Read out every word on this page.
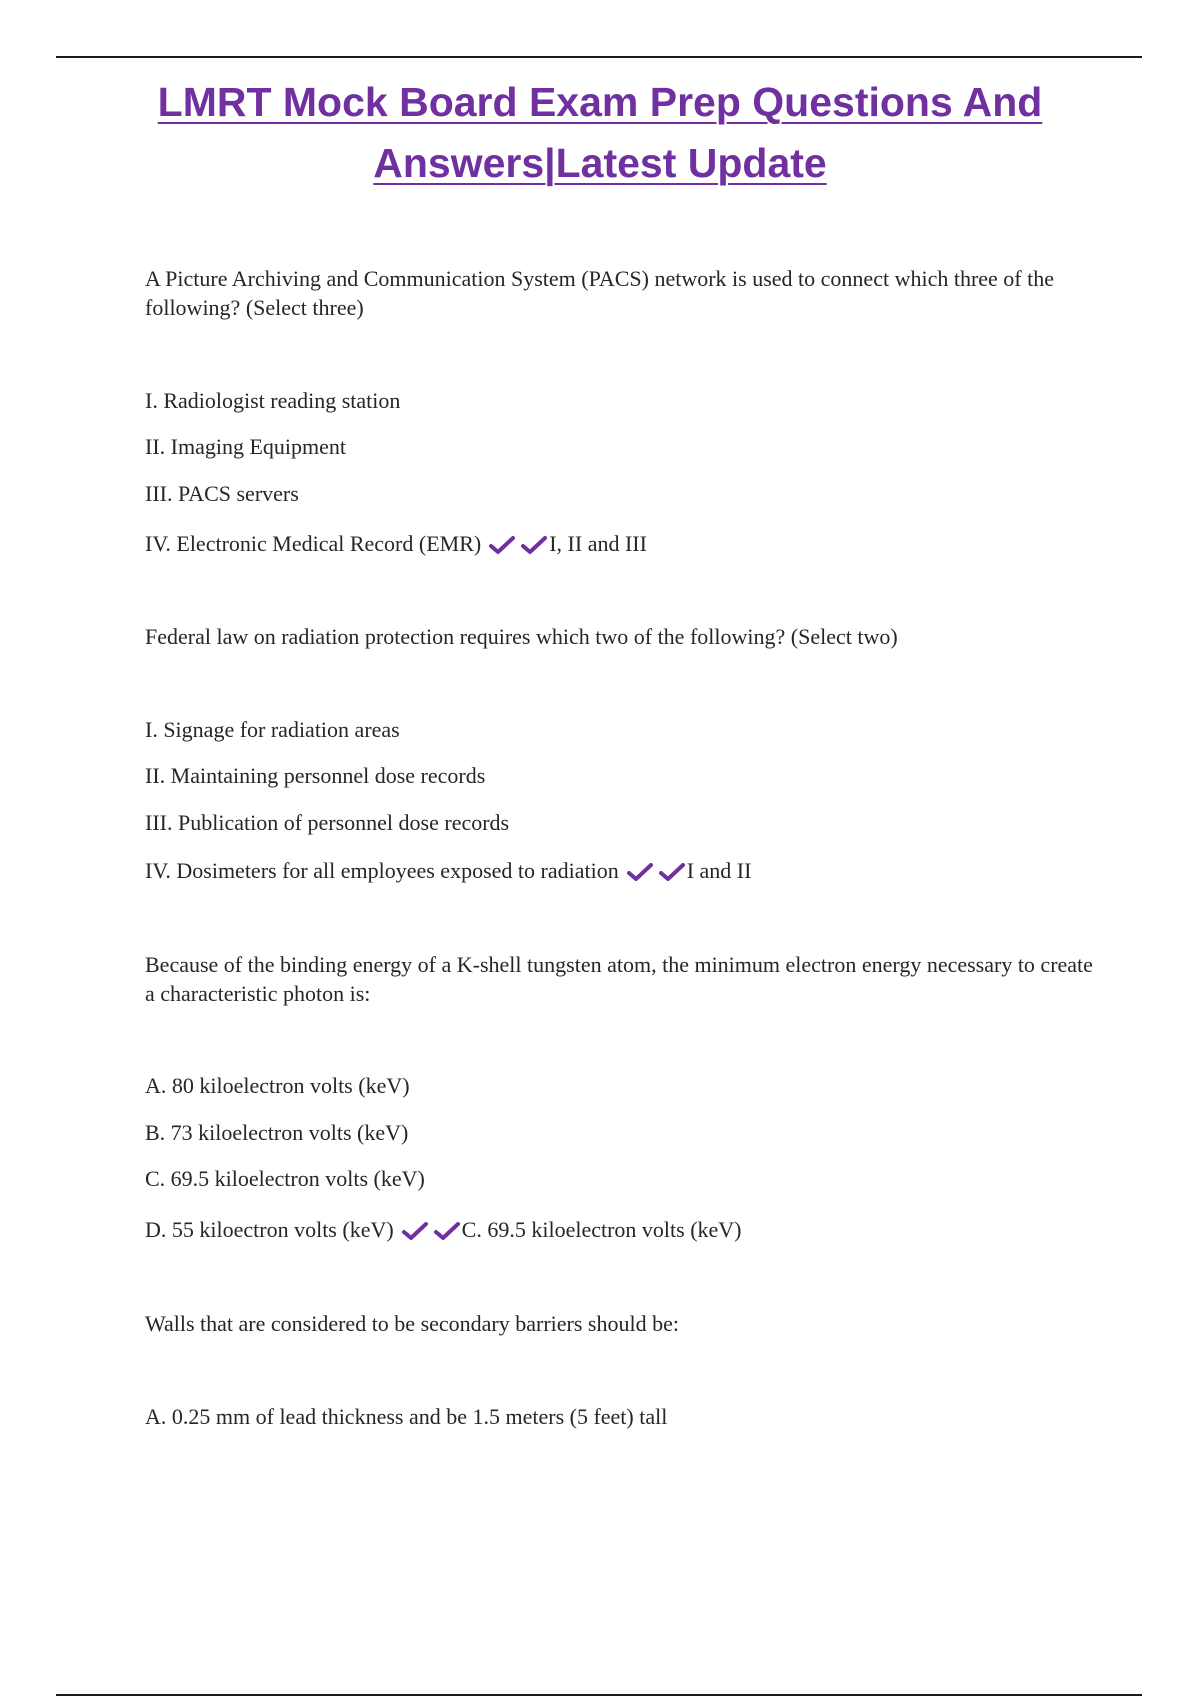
LMRT Mock Board Exam Prep Questions And
Answers|Latest Update
A Picture Archiving and Communication System (PACS) network is used to connect which three of the following? (Select three)
I. Radiologist reading station
II. Imaging Equipment
III. PACS servers
IV. Electronic Medical Record (EMR)	I, II and III
Federal law on radiation protection requires which two of the following? (Select two)
I. Signage for radiation areas
II. Maintaining personnel dose records
III. Publication of personnel dose records
IV. Dosimeters for all employees exposed to radiation	I and II
Because of the binding energy of a K-shell tungsten atom, the minimum electron energy necessary to create a characteristic photon is:
A. 80 kiloelectron volts (keV)
B. 73 kiloelectron volts (keV)
C. 69.5 kiloelectron volts (keV)
D. 55 kiloectron volts (keV)	C. 69.5 kiloelectron volts (keV)
Walls that are considered to be secondary barriers should be:
A. 0.25 mm of lead thickness and be 1.5 meters (5 feet) tall
